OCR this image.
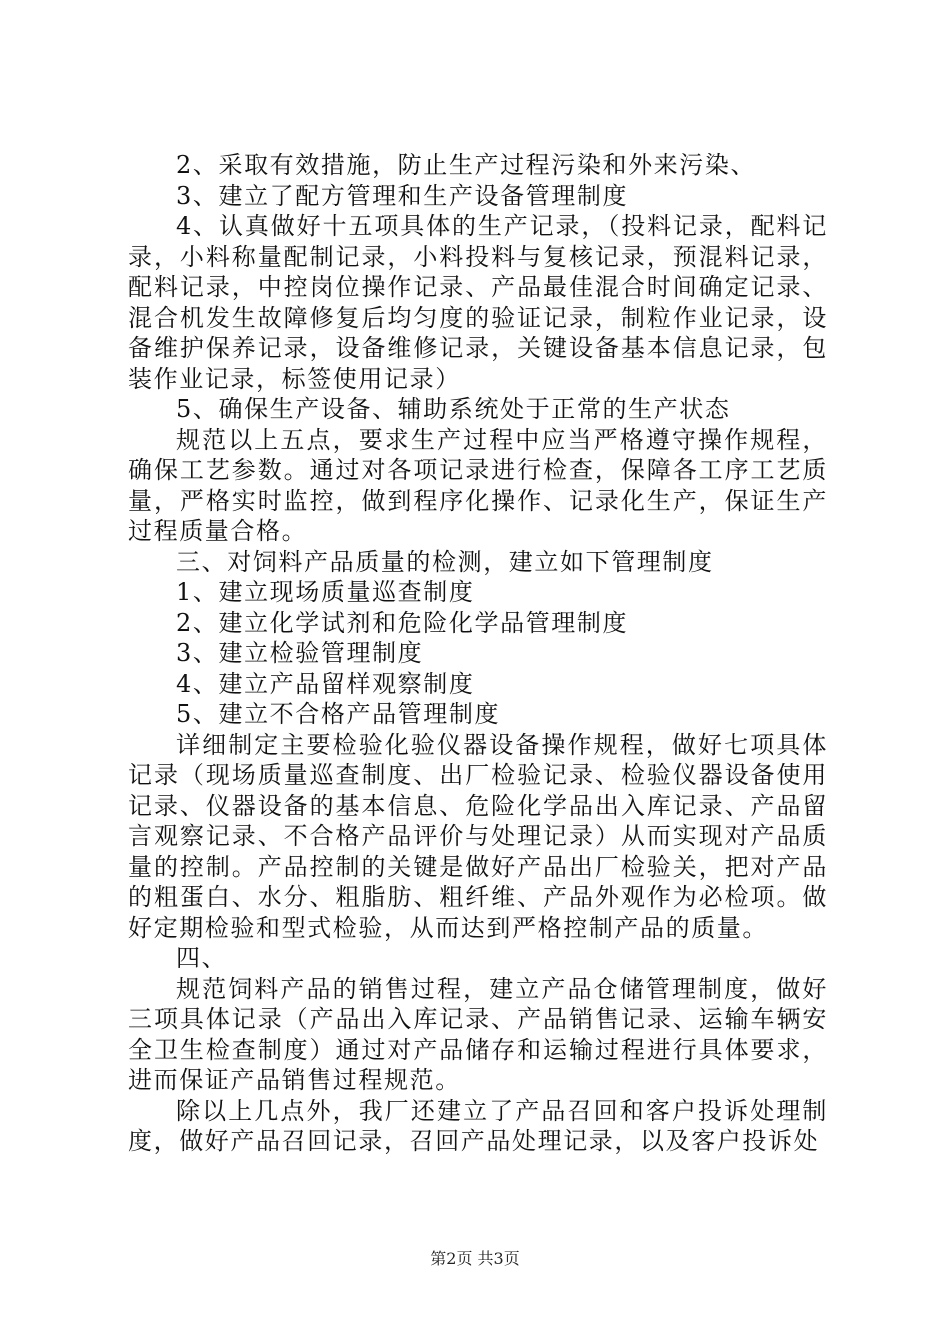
2、采取有效措施，防止生产过程污染和外来污染、

3、建立了配方管理和生产设备管理制度

4、认真做好十五项具体的生产记录，（投料记录，配料记录，小料称量配制记录，小料投料与复核记录，预混料记录，配料记录，中控岗位操作记录、产品最佳混合时间确定记录、混合机发生故障修复后均匀度的验证记录，制粒作业记录，设备维护保养记录，设备维修记录，关键设备基本信息记录，包装作业记录，标签使用记录）

5、确保生产设备、辅助系统处于正常的生产状态

规范以上五点，要求生产过程中应当严格遵守操作规程，确保工艺参数。通过对各项记录进行检查，保障各工序工艺质量，严格实时监控，做到程序化操作、记录化生产，保证生产过程质量合格。

三、对饲料产品质量的检测，建立如下管理制度

1、建立现场质量巡查制度

2、建立化学试剂和危险化学品管理制度

3、建立检验管理制度

4、建立产品留样观察制度

5、建立不合格产品管理制度

详细制定主要检验化验仪器设备操作规程，做好七项具体记录（现场质量巡查制度、出厂检验记录、检验仪器设备使用记录、仪器设备的基本信息、危险化学品出入库记录、产品留言观察记录、不合格产品评价与处理记录）从而实现对产品质量的控制。产品控制的关键是做好产品出厂检验关，把对产品的粗蛋白、水分、粗脂肪、粗纤维、产品外观作为必检项。做好定期检验和型式检验，从而达到严格控制产品的质量。

四、

规范饲料产品的销售过程，建立产品仓储管理制度，做好三项具体记录（产品出入库记录、产品销售记录、运输车辆安全卫生检查制度）通过对产品储存和运输过程进行具体要求，进而保证产品销售过程规范。

除以上几点外，我厂还建立了产品召回和客户投诉处理制度，做好产品召回记录，召回产品处理记录，以及客户投诉处

第2页 共3页
